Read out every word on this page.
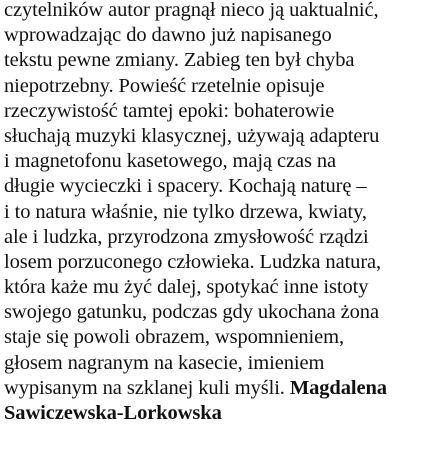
czytelników autor pragnął nieco ją uaktualnić,
wprowadzając do dawno już napisanego
tekstu pewne zmiany. Zabieg ten był chyba
niepotrzebny. Powieść rzetelnie opisuje
rzeczywistość tamtej epoki: bohaterowie
słuchają muzyki klasycznej, używają adapteru
i magnetofonu kasetowego, mają czas na
długie wycieczki i spacery. Kochają naturę –
i to natura właśnie, nie tylko drzewa, kwiaty,
ale i ludzka, przyrodzona zmysłowość rządzi
losem porzuconego człowieka. Ludzka natura,
która każe mu żyć dalej, spotykać inne istoty
swojego gatunku, podczas gdy ukochana żona
staje się powoli obrazem, wspomnieniem,
głosem nagranym na kasecie, imieniem
wypisanym na szklanej kuli myśli. Magdalena
Sawiczewska-Lorkowska
